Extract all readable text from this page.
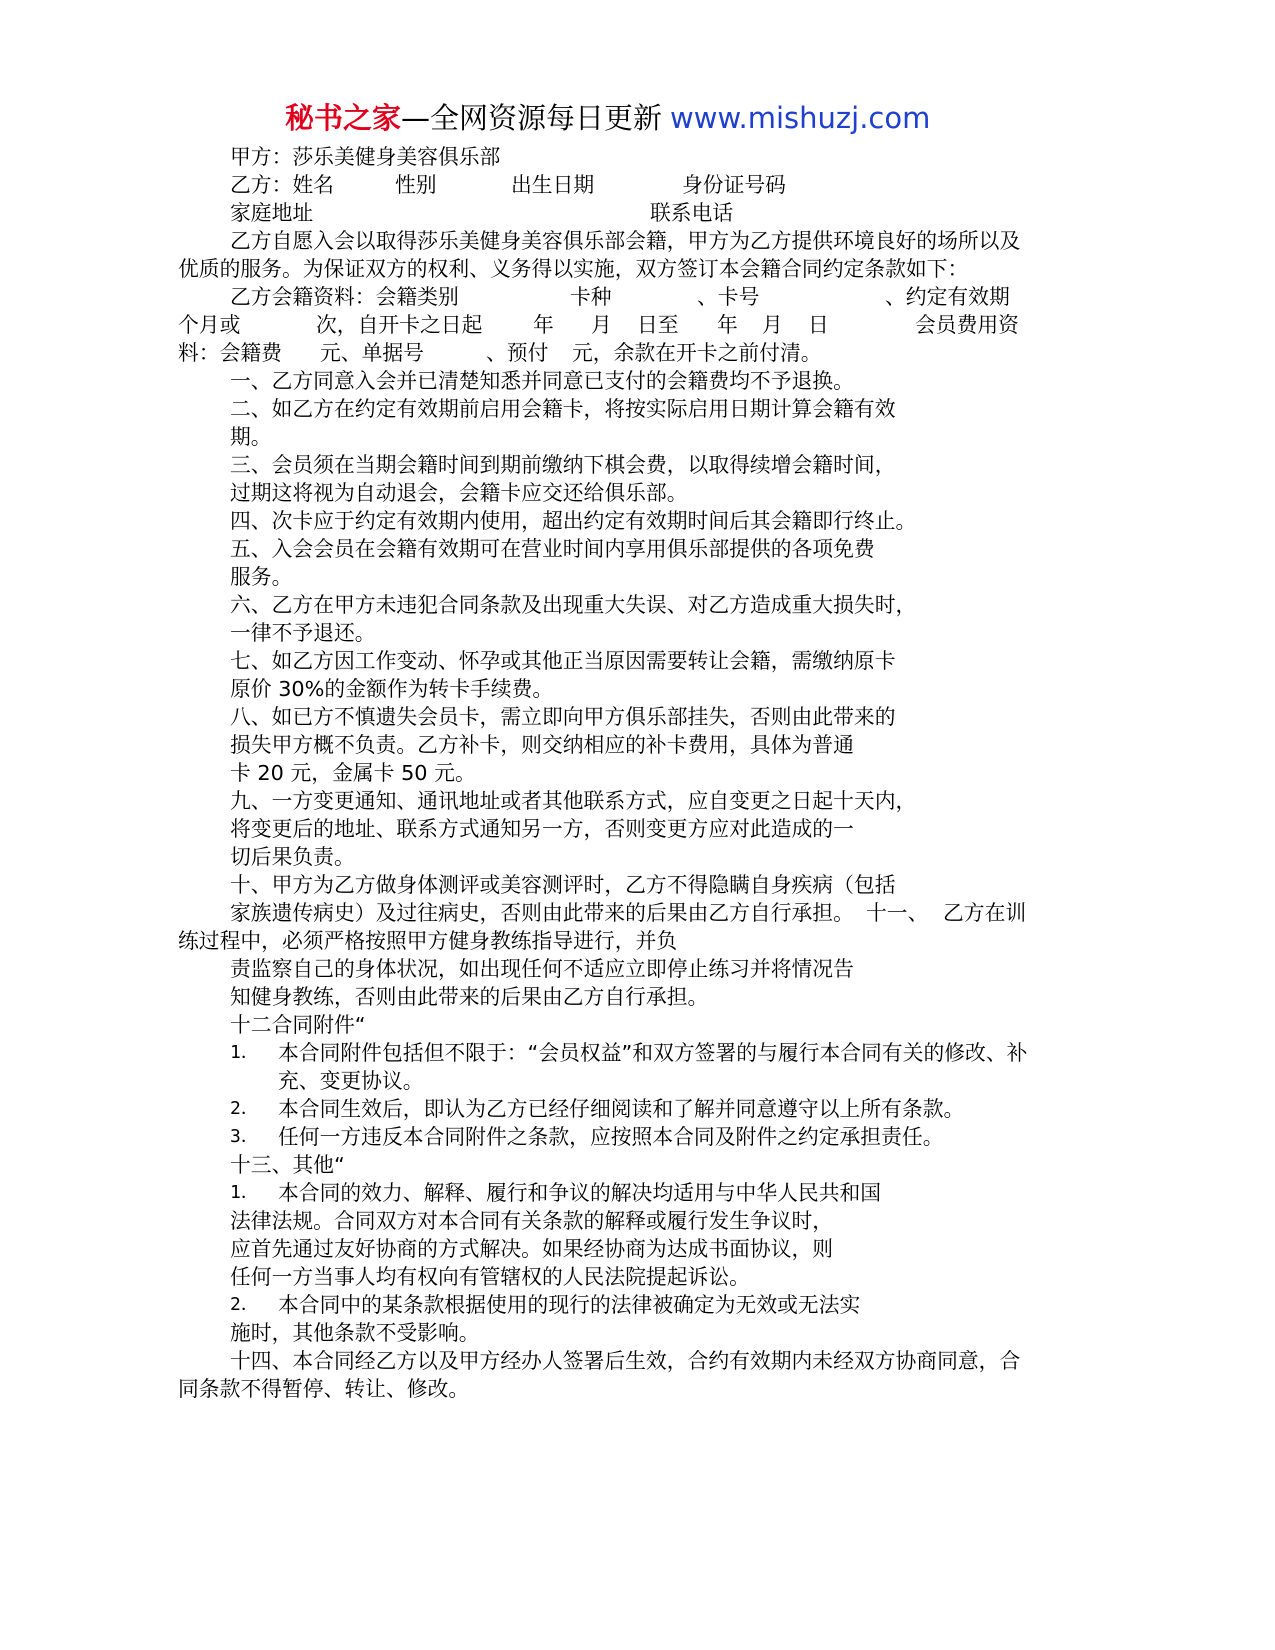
秘书之家—全网资源每日更新 www.mishuzj.com
甲方：莎乐美健身美容俱乐部
乙方：姓名	性别	出生日期	身份证号码
家庭地址	联系电话
乙方自愿入会以取得莎乐美健身美容俱乐部会籍，甲方为乙方提供环境良好的场所以及
优质的服务。为保证双方的权利、义务得以实施，双方签订本会籍合同约定条款如下：
乙方会籍资料：会籍类别	卡种	、卡号	、约定有效期
个月或	次，自开卡之日起 年 月 日至 年 月 日	会员费用资
料：会籍费 元、单据号	、预付 元，余款在开卡之前付清。
一、乙方同意入会并已清楚知悉并同意已支付的会籍费均不予退换。
二、如乙方在约定有效期前启用会籍卡，将按实际启用日期计算会籍有效
期。
三、会员须在当期会籍时间到期前缴纳下棋会费，以取得续增会籍时间，
过期这将视为自动退会，会籍卡应交还给俱乐部。
四、次卡应于约定有效期内使用，超出约定有效期时间后其会籍即行终止。
五、入会会员在会籍有效期可在营业时间内享用俱乐部提供的各项免费
服务。
六、乙方在甲方未违犯合同条款及出现重大失误、对乙方造成重大损失时，
一律不予退还。
七、如乙方因工作变动、怀孕或其他正当原因需要转让会籍，需缴纳原卡
原价 30%的金额作为转卡手续费。
八、如已方不慎遗失会员卡，需立即向甲方俱乐部挂失，否则由此带来的
损失甲方概不负责。乙方补卡，则交纳相应的补卡费用，具体为普通
卡 20 元，金属卡 50 元。
九、一方变更通知、通讯地址或者其他联系方式，应自变更之日起十天内，
将变更后的地址、联系方式通知另一方，否则变更方应对此造成的一
切后果负责。
十、甲方为乙方做身体测评或美容测评时，乙方不得隐瞒自身疾病（包括
家族遗传病史）及过往病史，否则由此带来的后果由乙方自行承担。 十一、 乙方在训
练过程中，必须严格按照甲方健身教练指导进行，并负
责监察自己的身体状况，如出现任何不适应立即停止练习并将情况告
知健身教练，否则由此带来的后果由乙方自行承担。
十二合同附件“
1． 本合同附件包括但不限于：“会员权益”和双方签署的与履行本合同有关的修改、补
充、变更协议。
2． 本合同生效后，即认为乙方已经仔细阅读和了解并同意遵守以上所有条款。
3． 任何一方违反本合同附件之条款，应按照本合同及附件之约定承担责任。
十三、其他“
1． 本合同的效力、解释、履行和争议的解决均适用与中华人民共和国
法律法规。合同双方对本合同有关条款的解释或履行发生争议时，
应首先通过友好协商的方式解决。如果经协商为达成书面协议，则
任何一方当事人均有权向有管辖权的人民法院提起诉讼。
2． 本合同中的某条款根据使用的现行的法律被确定为无效或无法实
施时，其他条款不受影响。
十四、本合同经乙方以及甲方经办人签署后生效，合约有效期内未经双方协商同意，合
同条款不得暂停、转让、修改。
